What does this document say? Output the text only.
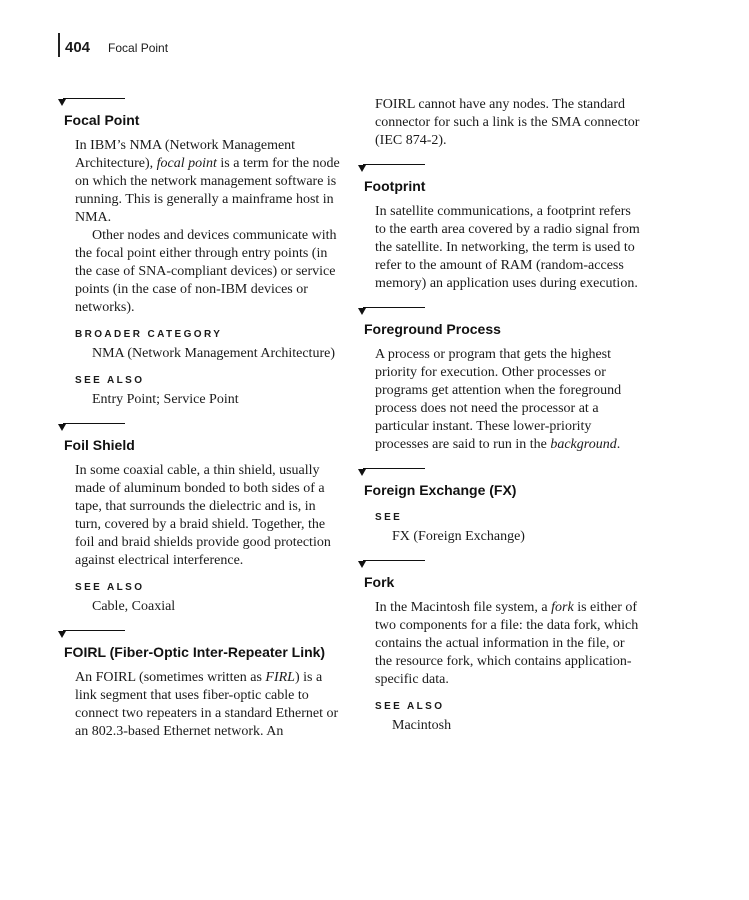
404 Focal Point
Focal Point

In IBM’s NMA (Network Management Architecture), focal point is a term for the node on which the network management software is running. This is generally a mainframe host in NMA.

Other nodes and devices communicate with the focal point either through entry points (in the case of SNA-compliant devices) or service points (in the case of non-IBM devices or networks).

BROADER CATEGORY
NMA (Network Management Architecture)
SEE ALSO
Entry Point; Service Point
Foil Shield

In some coaxial cable, a thin shield, usually made of aluminum bonded to both sides of a tape, that surrounds the dielectric and is, in turn, covered by a braid shield. Together, the foil and braid shields provide good protection against electrical interference.

SEE ALSO
Cable, Coaxial
FOIRL (Fiber-Optic Inter-Repeater Link)

An FOIRL (sometimes written as FIRL) is a link segment that uses fiber-optic cable to connect two repeaters in a standard Ethernet or an 802.3-based Ethernet network. An

FOIRL cannot have any nodes. The standard connector for such a link is the SMA connector (IEC 874-2).

Footprint

In satellite communications, a footprint refers to the earth area covered by a radio signal from the satellite. In networking, the term is used to refer to the amount of RAM (random-access memory) an application uses during execution.

Foreground Process

A process or program that gets the highest priority for execution. Other processes or programs get attention when the foreground process does not need the processor at a particular instant. These lower-priority processes are said to run in the background.

Foreign Exchange (FX)
SEE
FX (Foreign Exchange)
Fork

In the Macintosh file system, a fork is either of two components for a file: the data fork, which contains the actual information in the file, or the resource fork, which contains application-specific data.

SEE ALSO
Macintosh
